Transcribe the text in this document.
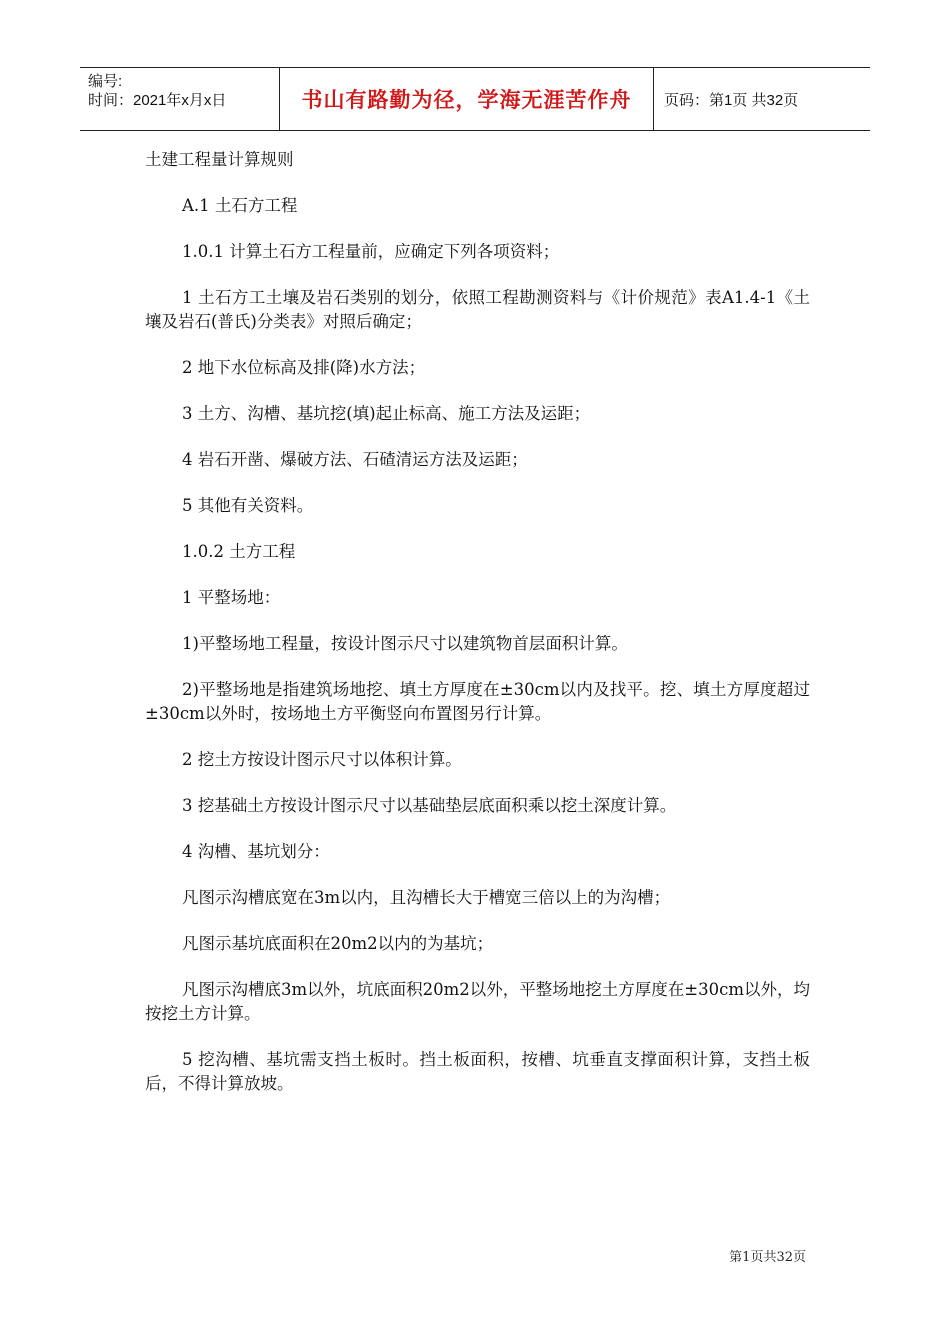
编号:
时间：2021年x月x日	书山有路勤为径，学海无涯苦作舟	页码：第1页 共32页

土建工程量计算规则

A.1 土石方工程

1.0.1 计算土石方工程量前，应确定下列各项资料；

1 土石方工土壤及岩石类别的划分，依照工程勘测资料与《计价规范》表A1.4-1《土壤及岩石(普氏)分类表》对照后确定；

2 地下水位标高及排(降)水方法；

3 土方、沟槽、基坑挖(填)起止标高、施工方法及运距；

4 岩石开凿、爆破方法、石碴清运方法及运距；

5 其他有关资料。

1.0.2 土方工程

1 平整场地：

1)平整场地工程量，按设计图示尺寸以建筑物首层面积计算。

2)平整场地是指建筑场地挖、填土方厚度在±30cm以内及找平。挖、填土方厚度超过±30cm以外时，按场地土方平衡竖向布置图另行计算。

2 挖土方按设计图示尺寸以体积计算。

3 挖基础土方按设计图示尺寸以基础垫层底面积乘以挖土深度计算。

4 沟槽、基坑划分：

凡图示沟槽底宽在3m以内，且沟槽长大于槽宽三倍以上的为沟槽；

凡图示基坑底面积在20m2以内的为基坑；

凡图示沟槽底3m以外，坑底面积20m2以外，平整场地挖土方厚度在±30cm以外，均按挖土方计算。

5 挖沟槽、基坑需支挡土板时。挡土板面积，按槽、坑垂直支撑面积计算，支挡土板后，不得计算放坡。

第1页共32页
